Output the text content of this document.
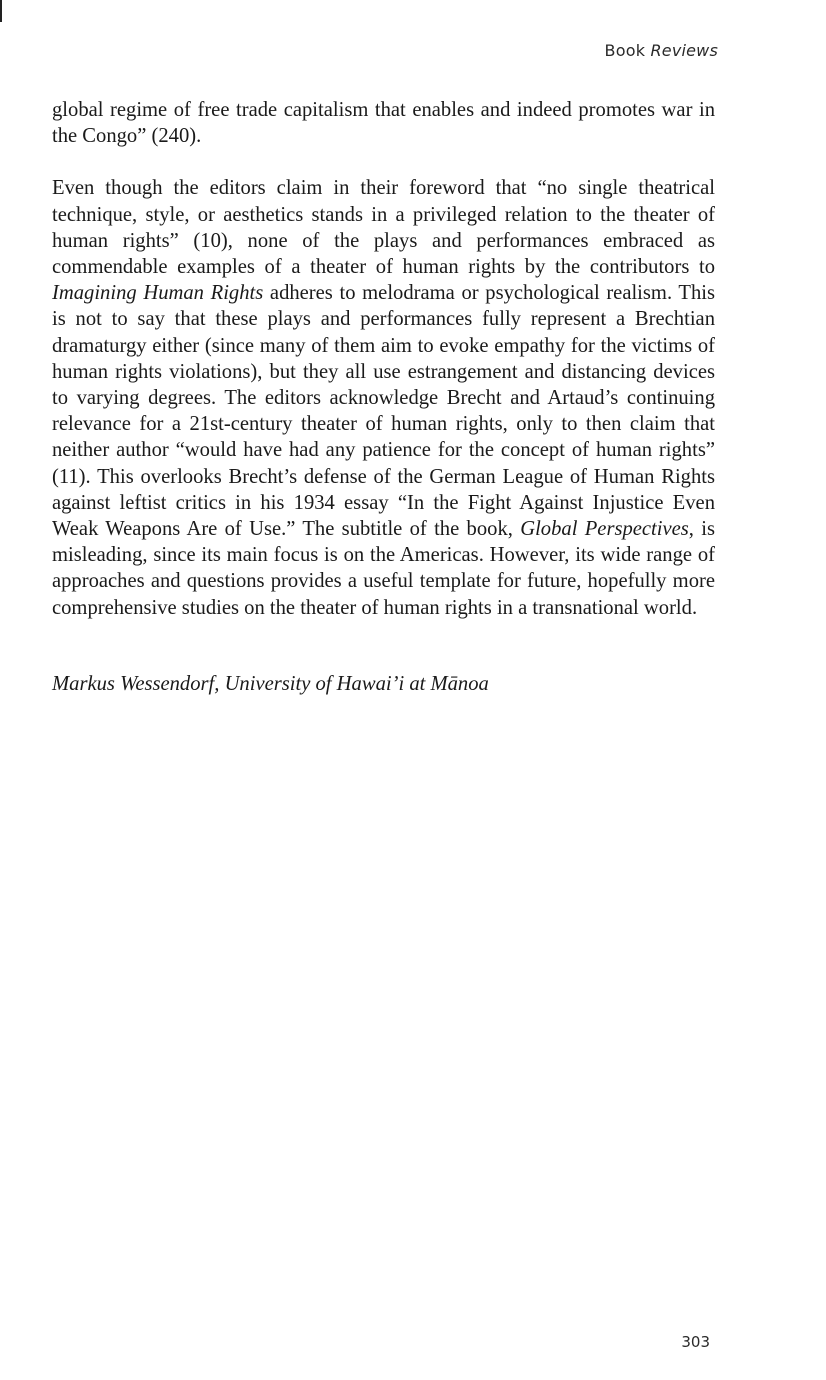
Book Reviews

global regime of free trade capitalism that enables and indeed promotes war in the Congo” (240).

Even though the editors claim in their foreword that “no single theatrical technique, style, or aesthetics stands in a privileged relation to the theater of human rights” (10), none of the plays and performances embraced as commendable examples of a theater of human rights by the contributors to Imagining Human Rights adheres to melodrama or psychological realism. This is not to say that these plays and performances fully represent a Brechtian dramaturgy either (since many of them aim to evoke empathy for the victims of human rights violations), but they all use estrangement and distancing devices to varying degrees. The editors acknowledge Brecht and Artaud’s continuing relevance for a 21st-century theater of human rights, only to then claim that neither author “would have had any patience for the concept of human rights” (11). This overlooks Brecht’s defense of the German League of Human Rights against leftist critics in his 1934 essay “In the Fight Against Injustice Even Weak Weapons Are of Use.” The subtitle of the book, Global Perspectives, is misleading, since its main focus is on the Americas. However, its wide range of approaches and questions provides a useful template for future, hopefully more comprehensive studies on the theater of human rights in a transnational world.

Markus Wessendorf, University of Hawai’i at Mānoa
303
